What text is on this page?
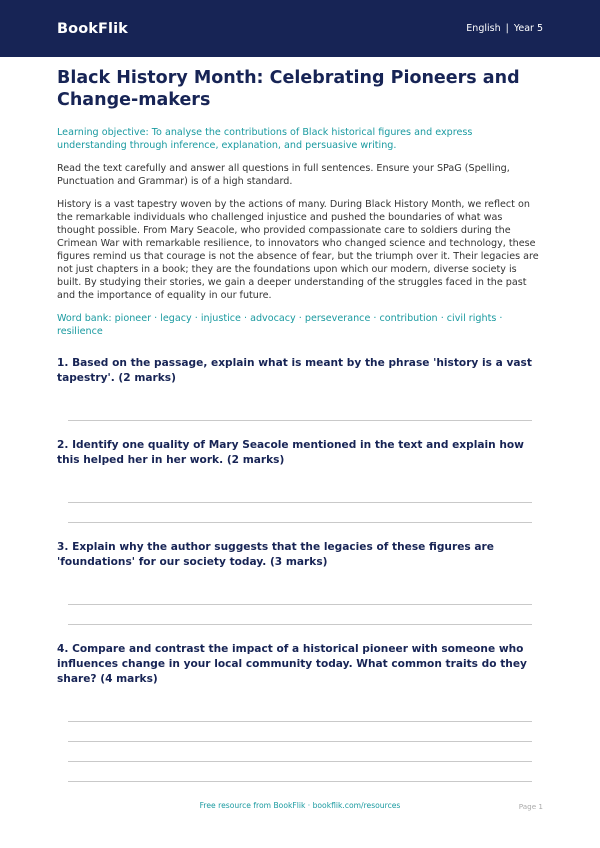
BookFlik	English | Year 5
Black History Month: Celebrating Pioneers and Change-makers

Learning objective: To analyse the contributions of Black historical figures and express understanding through inference, explanation, and persuasive writing.

Read the text carefully and answer all questions in full sentences. Ensure your SPaG (Spelling, Punctuation and Grammar) is of a high standard.

History is a vast tapestry woven by the actions of many. During Black History Month, we reflect on the remarkable individuals who challenged injustice and pushed the boundaries of what was thought possible. From Mary Seacole, who provided compassionate care to soldiers during the Crimean War with remarkable resilience, to innovators who changed science and technology, these figures remind us that courage is not the absence of fear, but the triumph over it. Their legacies are not just chapters in a book; they are the foundations upon which our modern, diverse society is built. By studying their stories, we gain a deeper understanding of the struggles faced in the past and the importance of equality in our future.

Word bank: pioneer · legacy · injustice · advocacy · perseverance · contribution · civil rights · resilience

1. Based on the passage, explain what is meant by the phrase 'history is a vast tapestry'. (2 marks)

2. Identify one quality of Mary Seacole mentioned in the text and explain how this helped her in her work. (2 marks)

3. Explain why the author suggests that the legacies of these figures are 'foundations' for our society today. (3 marks)

4. Compare and contrast the impact of a historical pioneer with someone who influences change in your local community today. What common traits do they share? (4 marks)

Free resource from BookFlik · bookflik.com/resources	Page 1
